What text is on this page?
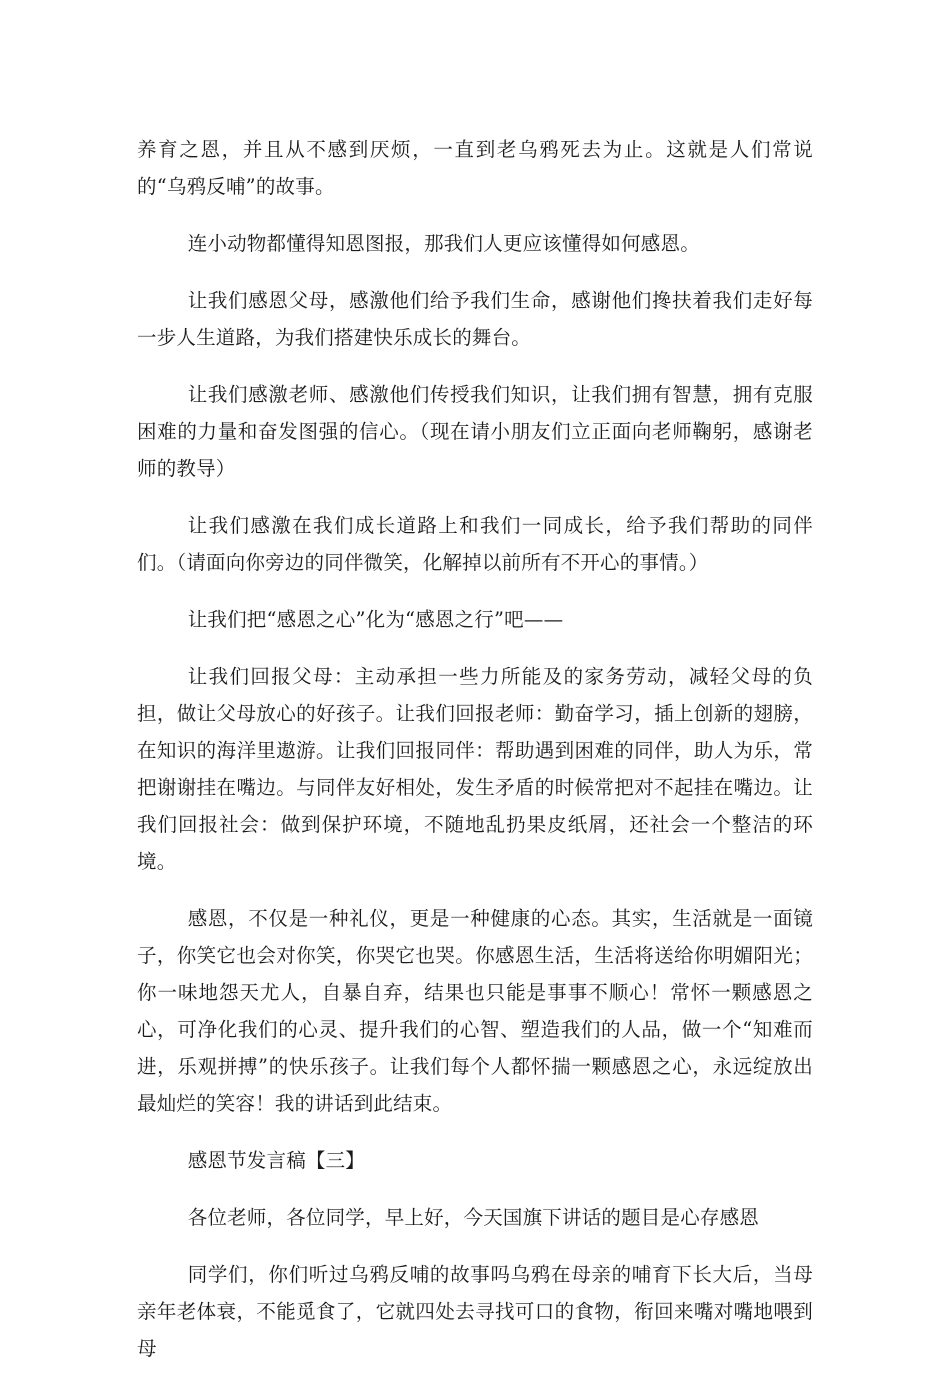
养育之恩，并且从不感到厌烦，一直到老乌鸦死去为止。这就是人们常说的“乌鸦反哺”的故事。

连小动物都懂得知恩图报，那我们人更应该懂得如何感恩。

让我们感恩父母，感激他们给予我们生命，感谢他们搀扶着我们走好每一步人生道路，为我们搭建快乐成长的舞台。

让我们感激老师、感激他们传授我们知识，让我们拥有智慧，拥有克服困难的力量和奋发图强的信心。（现在请小朋友们立正面向老师鞠躬，感谢老师的教导）

让我们感激在我们成长道路上和我们一同成长，给予我们帮助的同伴们。（请面向你旁边的同伴微笑，化解掉以前所有不开心的事情。）

让我们把“感恩之心”化为“感恩之行”吧——

让我们回报父母：主动承担一些力所能及的家务劳动，减轻父母的负担，做让父母放心的好孩子。让我们回报老师：勤奋学习，插上创新的翅膀，在知识的海洋里遨游。让我们回报同伴：帮助遇到困难的同伴，助人为乐，常把谢谢挂在嘴边。与同伴友好相处，发生矛盾的时候常把对不起挂在嘴边。让我们回报社会：做到保护环境，不随地乱扔果皮纸屑，还社会一个整洁的环境。

感恩，不仅是一种礼仪，更是一种健康的心态。其实，生活就是一面镜子，你笑它也会对你笑，你哭它也哭。你感恩生活，生活将送给你明媚阳光；你一味地怨天尤人，自暴自弃，结果也只能是事事不顺心！常怀一颗感恩之心，可净化我们的心灵、提升我们的心智、塑造我们的人品，做一个“知难而进，乐观拼搏”的快乐孩子。让我们每个人都怀揣一颗感恩之心，永远绽放出最灿烂的笑容！我的讲话到此结束。

感恩节发言稿【三】

各位老师，各位同学，早上好，今天国旗下讲话的题目是心存感恩

同学们，你们听过乌鸦反哺的故事吗乌鸦在母亲的哺育下长大后，当母亲年老体衰，不能觅食了，它就四处去寻找可口的食物，衔回来嘴对嘴地喂到母
